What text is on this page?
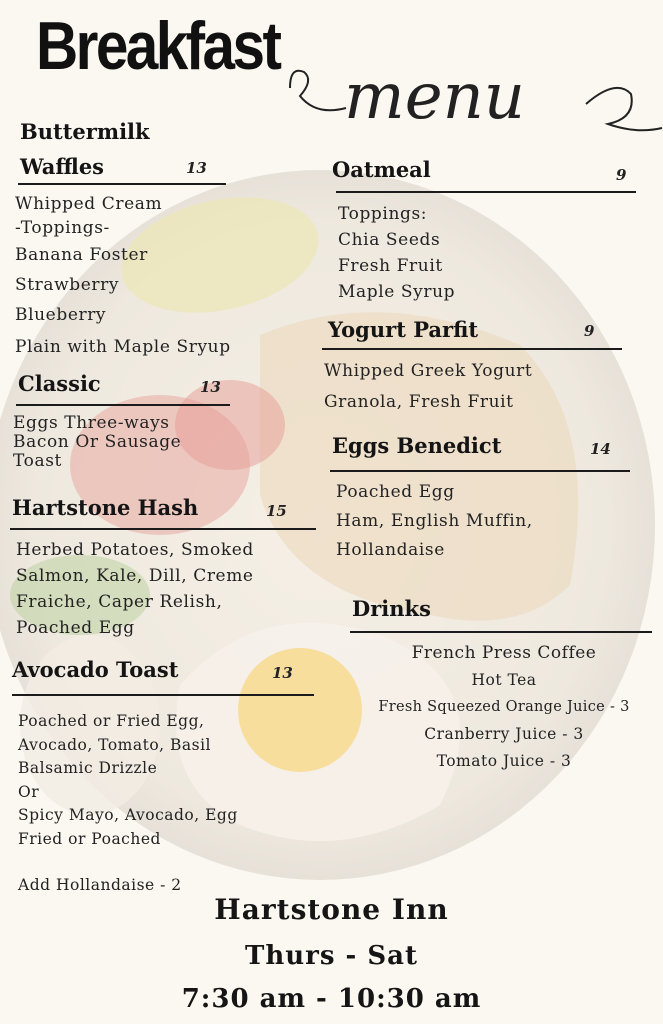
Breakfast
menu
Buttermilk
Waffles	13
Whipped Cream
-Toppings-
Banana Foster
Strawberry
Blueberry
Plain with Maple Sryup
Classic	13
Eggs Three-ways
Bacon Or Sausage
Toast
Hartstone Hash	15
Herbed Potatoes, Smoked
Salmon, Kale, Dill, Creme
Fraiche, Caper Relish,
Poached Egg
Avocado Toast	13
Poached or Fried Egg,
Avocado, Tomato, Basil
Balsamic Drizzle
Or
Spicy Mayo, Avocado, Egg
Fried or Poached
Add Hollandaise - 2
Oatmeal	9
Toppings:
Chia Seeds
Fresh Fruit
Maple Syrup
Yogurt Parfit	9
Whipped Greek Yogurt
Granola, Fresh Fruit
Eggs Benedict	14
Poached Egg
Ham, English Muffin,
Hollandaise
Drinks
French Press Coffee
Hot Tea
Fresh Squeezed Orange Juice - 3
Cranberry Juice - 3
Tomato Juice - 3
Hartstone Inn
Thurs - Sat
7:30 am - 10:30 am
